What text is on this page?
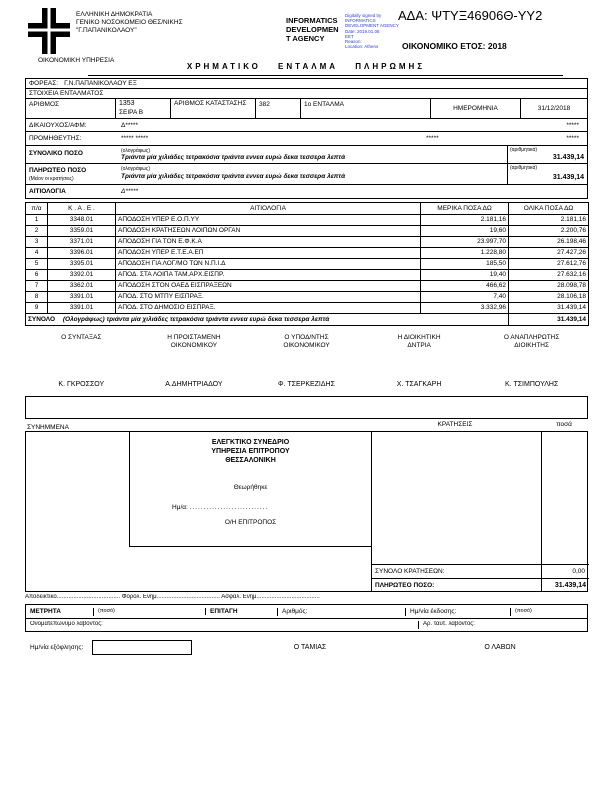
ΕΛΛΗΝΙΚΗ ΔΗΜΟΚΡΑΤΙΑ
ΓΕΝΙΚΟ ΝΟΣΟΚΟΜΕΙΟ ΘΕΣ/ΝΙΚΗΣ
"Γ.ΠΑΠΑΝΙΚΟΛΑΟΥ"
ΟΙΚΟΝΟΜΙΚΗ ΥΠΗΡΕΣΙΑ
INFORMATICS
DEVELOPMEN
T AGENCY
Digitally signed by
INFORMATICS
DEVELOPMENT AGENCY
Date: 2019.01.08
EET
Reason:
Location: Athens
ΑΔΑ: ΨΤΥΞ46906Θ-ΥΥ2
ΟΙΚΟΝΟΜΙΚΟ ΕΤΟΣ: 2018
ΧΡΗΜΑΤΙΚΟ ΕΝΤΑΛΜΑ ΠΛΗΡΩΜΗΣ
ΦΟΡΕΑΣ: Γ.Ν.ΠΑΠΑΝΙΚΟΛΑΟΥ ΕΞ
ΣΤΟΙΧΕΙΑ ΕΝΤΑΛΜΑΤΟΣ
ΑΡΙΘΜΟΣ	1353
ΣΕΙΡΑ Β
ΑΡΙΘΜΟΣ ΚΑΤΑΣΤΑΣΗΣ	382	1ο ΕΝΤΑΛΜΑ
ΗΜΕΡΟΜΗΝΙΑ	31/12/2018
ΔΙΚΑΙΟΥΧΟΣ/ΑΦΜ:	Δ*****	*****
ΠΡΟΜΗΘΕΥΤΗΣ:	***** *****	*****	*****
ΣΥΝΟΛΙΚΟ ΠΟΣΟ	(ολογράφως)
Τριάντα μία χιλιάδες τετρακόσια τριάντα εννεα ευρώ δεκα τεσσερα λεπτά
(αριθμητικά)
31.439,14
ΠΛΗΡΩΤΕΟ ΠΟΣΟ
(Μείον οι κρατήσεις)
(ολογράφως)
Τριάντα μία χιλιάδες τετρακόσια τριάντα εννεα ευρώ δεκα τεσσερα λεπτά
(αριθμητικά)
31.439,14
ΑΙΤΙΟΛΟΓΙΑ	Δ*****
π/α	Κ . Α . Ε .	ΑΙΤΙΟΛΟΓΙΑ	ΜΕΡΙΚΑ ΠΟΣΑ ΔΩ	ΟΛΙΚΑ ΠΟΣΑ ΔΩ
1	3348.01	ΑΠΟΔΟΣΗ ΥΠΕΡ Ε.Ο.Π.ΥΥ	2.181,16	2.181,16
2	3359.01	ΑΠΟΔΟΣΗ ΚΡΑΤΗΣΕΩΝ ΛΟΙΠΩΝ ΟΡΓΑΝ	19,60	2.200,76
3	3371.01	ΑΠΟΔΟΣΗ ΓΙΑ ΤΟΝ Ε.Φ.Κ.Α	23.997,70	26.198,46
4	3396.01	ΑΠΟΔΟΣΗ ΥΠΕΡ Ε.Τ.Ε.Α.ΕΠ	1.228,80	27.427,26
5	3395.01	ΑΠΟΔΟΣΗ ΓΙΑ ΛΟΓ/ΜΟ ΤΩΝ Ν.Π.Ι.Δ	185,50	27.612,76
6	3392.01	ΑΠΟΔ. ΣΤΑ ΛΟΙΠΑ ΤΑΜ.ΑΡΧ.ΕΙΣΠΡ.	19,40	27.632,16
7	3362.01	ΑΠΟΔΟΣΗ ΣΤΟΝ ΟΑΕΔ ΕΙΣΠΡΑΞΕΩΝ	466,62	28.098,78
8	3391.01	ΑΠΟΔ. ΣΤΟ ΜΤΠΥ ΕΙΣΠΡΑΞ.	7,40	28.106,18
9	3391.01	ΑΠΟΔ. ΣΤΟ ΔΗΜΟΣΙΟ ΕΙΣΠΡΑΞ.	3.332,96	31.439,14
ΣΥΝΟΛΟ (Ολογράφως) τριάντα μία χιλιάδες τετρακόσια τριάντα εννεα ευρώ δεκα τεσσερα λεπτά				31.439,14
Ο ΣΥΝΤΑΞΑΣ	Η ΠΡΟΙΣΤΑΜΕΝΗ
ΟΙΚΟΝΟΜΙΚΟΥ
Ο ΥΠΟΔ/ΝΤΗΣ
ΟΙΚΟΝΟΜΙΚΟΥ
Η ΔΙΟΙΚΗΤΙΚΗ
ΔΝΤΡΙΑ
Ο ΑΝΑΠΛΗΡΩΤΗΣ
ΔΙΟΙΚΗΤΗΣ
Κ. ΓΚΡΟΣΣΟΥ	Α.ΔΗΜΗΤΡΙΑΔΟΥ	Φ. ΤΣΕΡΚΕΖΙΔΗΣ	Χ. ΤΣΑΓΚΑΡΗ	Κ. ΤΣΙΜΠΟΥΛΗΣ
ΚΡΑΤΗΣΕΙΣ	ποσά
ΣΥΝΗΜΜΕΝΑ
ΕΛΕΓΚΤΙΚΟ ΣΥΝΕΔΡΙΟ
ΥΠΗΡΕΣΙΑ ΕΠΙΤΡΟΠΟΥ
ΘΕΣΣΑΛΟΝΙΚΗ
Θεωρήθηκε
Ημ/α: ............................
Ο/Η ΕΠΙΤΡΟΠΟΣ
ΣΥΝΟΛΟ ΚΡΑΤΗΣΕΩΝ:	0,00
ΠΛΗΡΩΤΕΟ ΠΟΣΟ:	31.439,14
Αποδεικτικό...................................... Φορολ. Ενημ...................................... Ασφαλ. Ενημ......................................
ΜΕΤΡΗΤΑ	(ποσό)	ΕΠΙΤΑΓΗ	Αριθμός:	Ημ/νία έκδοσης:	(ποσό)
Ονοματεπώνυμο λαβόντος:	Αρ. ταυτ. λαβόντος:
Ημ/νία εξόφλησης:	Ο ΤΑΜΙΑΣ	Ο ΛΑΒΩΝ
